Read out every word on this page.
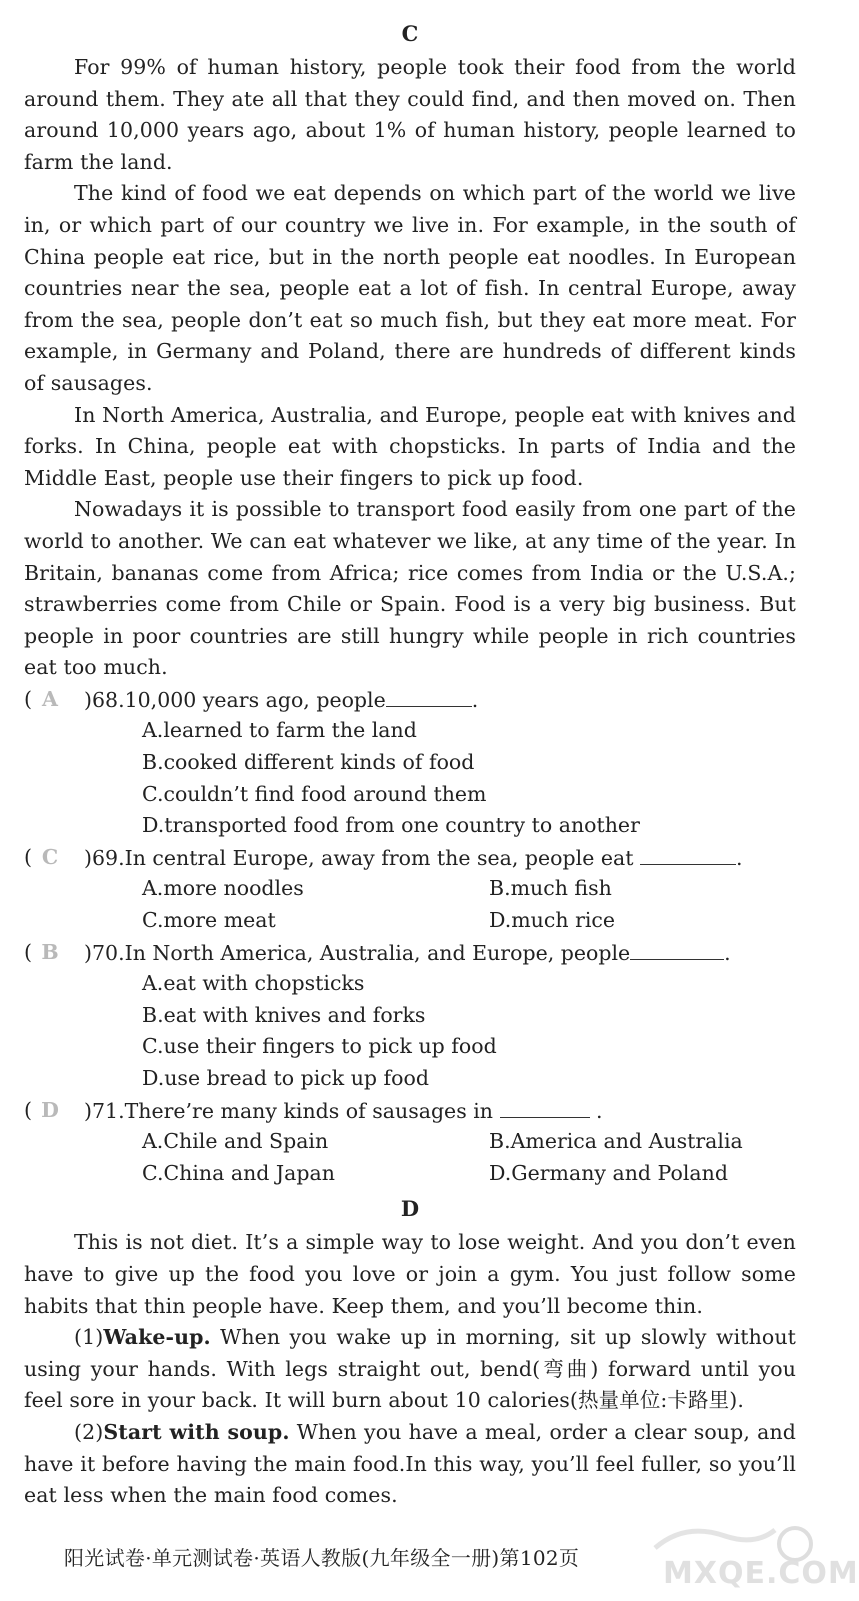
C

For 99% of human history, people took their food from the world around them. They ate all that they could find, and then moved on. Then around 10,000 years ago, about 1% of human history, people learned to farm the land.

The kind of food we eat depends on which part of the world we live in, or which part of our country we live in. For example, in the south of China people eat rice, but in the north people eat noodles. In European countries near the sea, people eat a lot of fish. In central Europe, away from the sea, people don’t eat so much fish, but they eat more meat. For example, in Germany and Poland, there are hundreds of different kinds of sausages.

In North America, Australia, and Europe, people eat with knives and forks. In China, people eat with chopsticks. In parts of India and the Middle East, people use their fingers to pick up food.

Nowadays it is possible to transport food easily from one part of the world to another. We can eat whatever we like, at any time of the year. In Britain, bananas come from Africa; rice comes from India or the U.S.A.; strawberries come from Chile or Spain. Food is a very big business. But people in poor countries are still hungry while people in rich countries eat too much.

( A	)68.10,000 years ago, people	.
A.learned to farm the land
B.cooked different kinds of food
C.couldn’t find food around them
D.transported food from one country to another
( C	)69.In central Europe, away from the sea, people eat	.
A.more noodles	B.much fish
C.more meat	D.much rice
( B	)70.In North America, Australia, and Europe, people	.
A.eat with chopsticks
B.eat with knives and forks
C.use their fingers to pick up food
D.use bread to pick up food
( D	)71.There’re many kinds of sausages in	.
A.Chile and Spain	B.America and Australia
C.China and Japan	D.Germany and Poland
D

This is not diet. It’s a simple way to lose weight. And you don’t even have to give up the food you love or join a gym. You just follow some habits that thin people have. Keep them, and you’ll become thin.

(1)Wake-up. When you wake up in morning, sit up slowly without using your hands. With legs straight out, bend(弯曲) forward until you feel sore in your back. It will burn about 10 calories(热量单位:卡路里).

(2)Start with soup. When you have a meal, order a clear soup, and have it before having the main food.In this way, you’ll feel fuller, so you’ll eat less when the main food comes.

阳光试卷·单元测试卷·英语人教版(九年级全一册)第102页	MXQE.COM
